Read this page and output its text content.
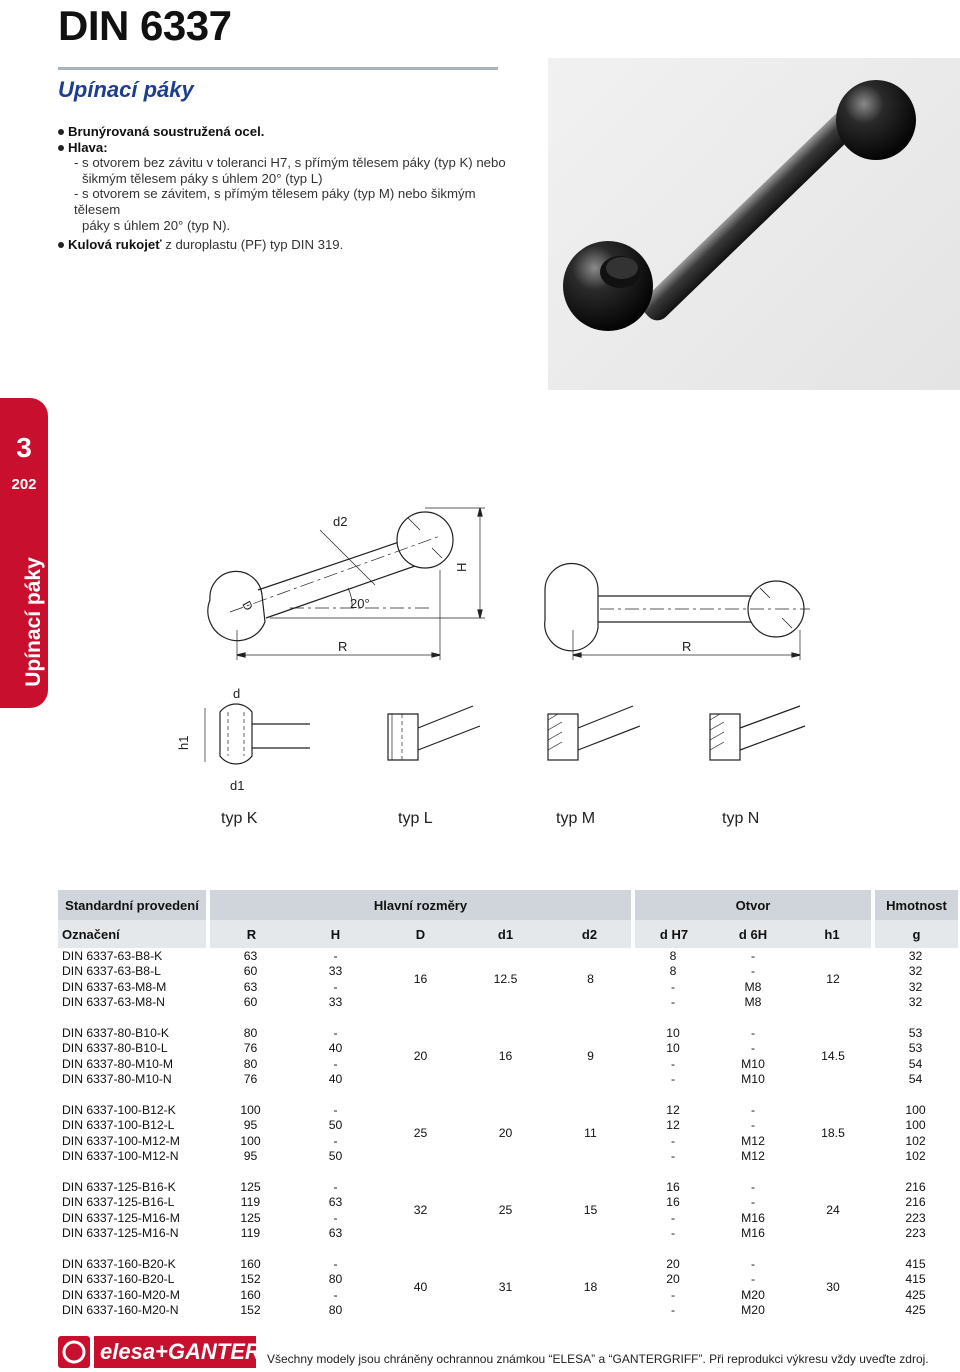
DIN 6337
Upínací páky
Brunýrovaná soustružená ocel.
Hlava:
- s otvorem bez závitu v toleranci H7, s přímým tělesem páky (typ K) nebo
šikmým tělesem páky s úhlem 20° (typ L)
- s otvorem se závitem, s přímým tělesem páky (typ M) nebo šikmým tělesem
páky s úhlem 20° (typ N).
Kulová rukojeť z duroplastu (PF) typ DIN 319.
3
202
Upínací páky
d2
D	20°
H
R	R
d
h1
d1
typ K	typ L	typ M	typ N
Standardní provedení	Hlavní rozměry					Otvor			Hmotnost
Označení	R	H	D	d1	d2	d H7	d 6H	h1	g
DIN 6337-63-B8-K	63	-	16	12.5	8	8	-	12	32
DIN 6337-63-B8-L	60	33				8	-		32
DIN 6337-63-M8-M	63	-				-	M8		32
DIN 6337-63-M8-N	60	33				-	M8		32

DIN 6337-80-B10-K	80	-	20	16	9	10	-	14.5	53
DIN 6337-80-B10-L	76	40				10	-		53
DIN 6337-80-M10-M	80	-				-	M10		54
DIN 6337-80-M10-N	76	40				-	M10		54

DIN 6337-100-B12-K	100	-	25	20	11	12	-	18.5	100
DIN 6337-100-B12-L	95	50				12	-		100
DIN 6337-100-M12-M	100	-				-	M12		102
DIN 6337-100-M12-N	95	50				-	M12		102

DIN 6337-125-B16-K	125	-	32	25	15	16	-	24	216
DIN 6337-125-B16-L	119	63				16	-		216
DIN 6337-125-M16-M	125	-				-	M16		223
DIN 6337-125-M16-N	119	63				-	M16		223

DIN 6337-160-B20-K	160	-	40	31	18	20	-	30	415
DIN 6337-160-B20-L	152	80				20	-		415
DIN 6337-160-M20-M	160	-				-	M20		425
DIN 6337-160-M20-N	152	80				-	M20		425
elesa+GANTER Všechny modely jsou chráněny ochrannou známkou “ELESA” a “GANTERGRIFF”. Při reprodukci výkresu vždy uveďte zdroj.
